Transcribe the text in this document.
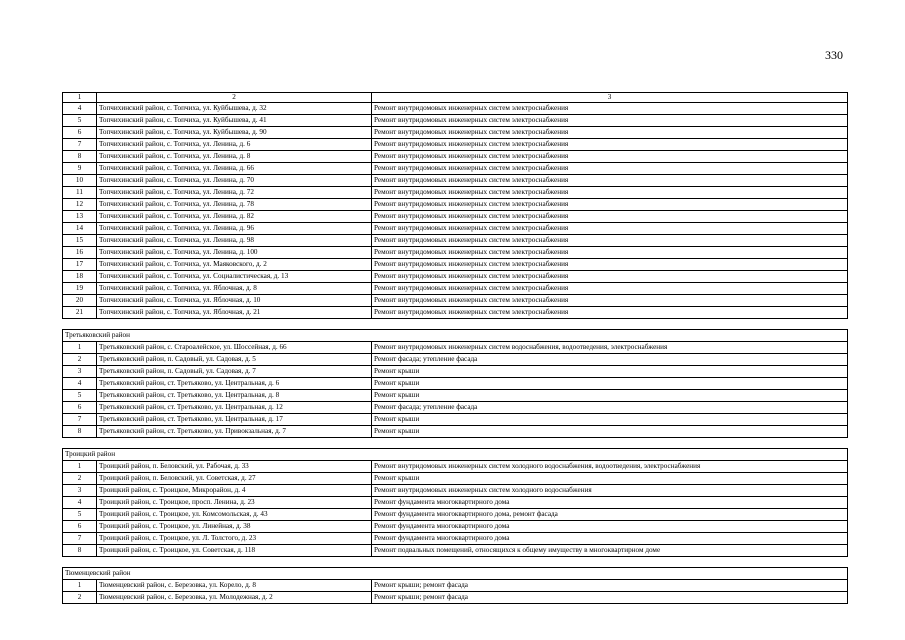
330
1	2	3
4	Топчихинский район, с. Топчиха, ул. Куйбышева, д. 32	Ремонт внутридомовых инженерных систем электроснабжения
5	Топчихинский район, с. Топчиха, ул. Куйбышева, д. 41	Ремонт внутридомовых инженерных систем электроснабжения
6	Топчихинский район, с. Топчиха, ул. Куйбышева, д. 90	Ремонт внутридомовых инженерных систем электроснабжения
7	Топчихинский район, с. Топчиха, ул. Ленина, д. 6	Ремонт внутридомовых инженерных систем электроснабжения
8	Топчихинский район, с. Топчиха, ул. Ленина, д. 8	Ремонт внутридомовых инженерных систем электроснабжения
9	Топчихинский район, с. Топчиха, ул. Ленина, д. 66	Ремонт внутридомовых инженерных систем электроснабжения
10	Топчихинский район, с. Топчиха, ул. Ленина, д. 70	Ремонт внутридомовых инженерных систем электроснабжения
11	Топчихинский район, с. Топчиха, ул. Ленина, д. 72	Ремонт внутридомовых инженерных систем электроснабжения
12	Топчихинский район, с. Топчиха, ул. Ленина, д. 78	Ремонт внутридомовых инженерных систем электроснабжения
13	Топчихинский район, с. Топчиха, ул. Ленина, д. 82	Ремонт внутридомовых инженерных систем электроснабжения
14	Топчихинский район, с. Топчиха, ул. Ленина, д. 96	Ремонт внутридомовых инженерных систем электроснабжения
15	Топчихинский район, с. Топчиха, ул. Ленина, д. 98	Ремонт внутридомовых инженерных систем электроснабжения
16	Топчихинский район, с. Топчиха, ул. Ленина, д. 100	Ремонт внутридомовых инженерных систем электроснабжения
17	Топчихинский район, с. Топчиха, ул. Маяковского, д. 2	Ремонт внутридомовых инженерных систем электроснабжения
18	Топчихинский район, с. Топчиха, ул. Социалистическая, д. 13	Ремонт внутридомовых инженерных систем электроснабжения
19	Топчихинский район, с. Топчиха, ул. Яблочная, д. 8	Ремонт внутридомовых инженерных систем электроснабжения
20	Топчихинский район, с. Топчиха, ул. Яблочная, д. 10	Ремонт внутридомовых инженерных систем электроснабжения
21	Топчихинский район, с. Топчиха, ул. Яблочная, д. 21	Ремонт внутридомовых инженерных систем электроснабжения

Третьяковский район		
1	Третьяковский район, с. Староалейское, ул. Шоссейная, д. 66	Ремонт внутридомовых инженерных систем водоснабжения, водоотведения, электроснабжения
2	Третьяковский район, п. Садовый, ул. Садовая, д. 5	Ремонт фасада; утепление фасада
3	Третьяковский район, п. Садовый, ул. Садовая, д. 7	Ремонт крыши
4	Третьяковский район, ст. Третьяково, ул. Центральная, д. 6	Ремонт крыши
5	Третьяковский район, ст. Третьяково, ул. Центральная, д. 8	Ремонт крыши
6	Третьяковский район, ст. Третьяково, ул. Центральная, д. 12	Ремонт фасада; утепление фасада
7	Третьяковский район, ст. Третьяково, ул. Центральная, д. 17	Ремонт крыши
8	Третьяковский район, ст. Третьяково, ул. Привокзальная, д. 7	Ремонт крыши

Троицкий район		
1	Троицкий район, п. Беловский, ул. Рабочая, д. 33	Ремонт внутридомовых инженерных систем холодного водоснабжения, водоотведения, электроснабжения
2	Троицкий район, п. Беловский, ул. Советская, д. 27	Ремонт крыши
3	Троицкий район, с. Троицкое, Микрорайон, д. 4	Ремонт внутридомовых инженерных систем холодного водоснабжения
4	Троицкий район, с. Троицкое, просп. Ленина, д. 23	Ремонт фундамента многоквартирного дома
5	Троицкий район, с. Троицкое, ул. Комсомольская, д. 43	Ремонт фундамента многоквартирного дома, ремонт фасада
6	Троицкий район, с. Троицкое, ул. Линейная, д. 38	Ремонт фундамента многоквартирного дома
7	Троицкий район, с. Троицкое, ул. Л. Толстого, д. 23	Ремонт фундамента многоквартирного дома
8	Троицкий район, с. Троицкое, ул. Советская, д. 118	Ремонт подвальных помещений, относящихся к общему имуществу в многоквартирном доме

Тюменцевский район		
1	Тюменцевский район, с. Березовка, ул. Корело, д. 8	Ремонт крыши; ремонт фасада
2	Тюменцевский район, с. Березовка, ул. Молодежная, д. 2	Ремонт крыши; ремонт фасада
